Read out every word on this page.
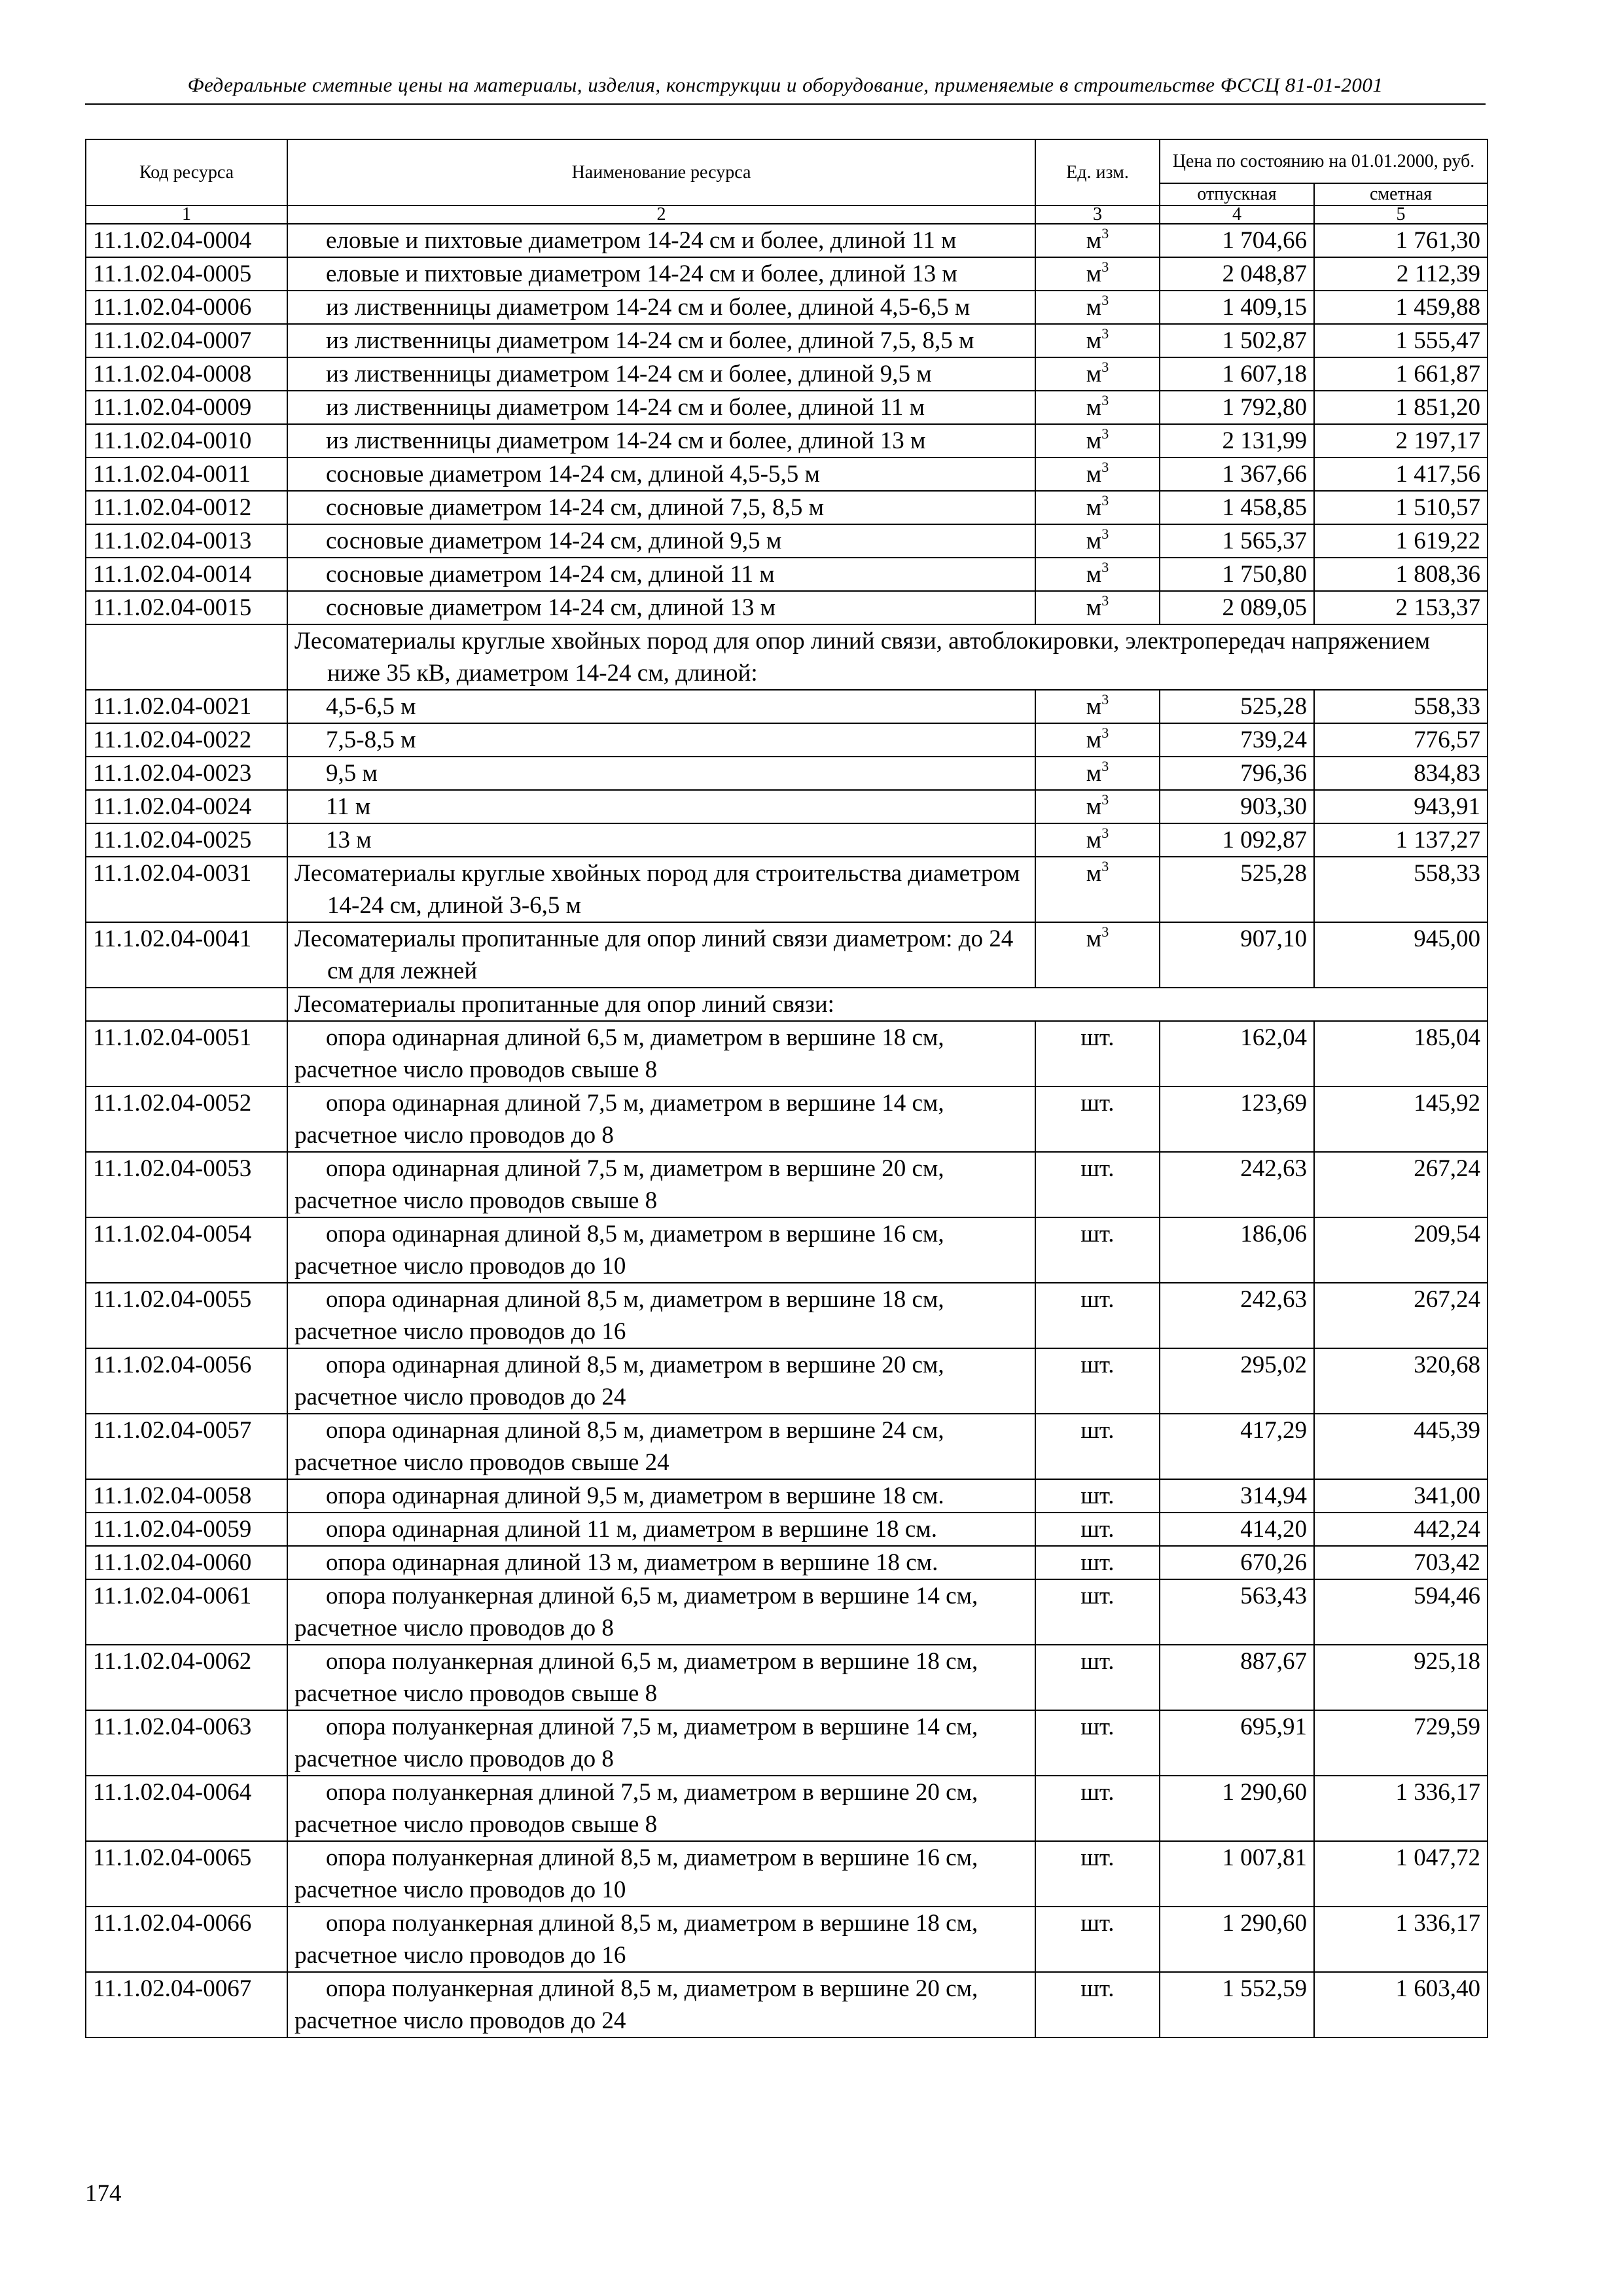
Федеральные сметные цены на материалы, изделия, конструкции и оборудование, применяемые в строительстве ФССЦ 81-01-2001
Код ресурса	Наименование ресурса	Ед. изм.	Цена по состоянию на 01.01.2000, руб.	
			отпускная	сметная
1	2	3	4	5
11.1.02.04-0004	еловые и пихтовые диаметром 14-24 см и более, длиной 11 м	$м^3$	1 704,66	1 761,30
11.1.02.04-0005	еловые и пихтовые диаметром 14-24 см и более, длиной 13 м	$м^3$	2 048,87	2 112,39
11.1.02.04-0006	из лиственницы диаметром 14-24 см и более, длиной 4,5-6,5 м	$м^3$	1 409,15	1 459,88
11.1.02.04-0007	из лиственницы диаметром 14-24 см и более, длиной 7,5, 8,5 м	$м^3$	1 502,87	1 555,47
11.1.02.04-0008	из лиственницы диаметром 14-24 см и более, длиной 9,5 м	$м^3$	1 607,18	1 661,87
11.1.02.04-0009	из лиственницы диаметром 14-24 см и более, длиной 11 м	$м^3$	1 792,80	1 851,20
11.1.02.04-0010	из лиственницы диаметром 14-24 см и более, длиной 13 м	$м^3$	2 131,99	2 197,17
11.1.02.04-0011	сосновые диаметром 14-24 см, длиной 4,5-5,5 м	$м^3$	1 367,66	1 417,56
11.1.02.04-0012	сосновые диаметром 14-24 см, длиной 7,5, 8,5 м	$м^3$	1 458,85	1 510,57
11.1.02.04-0013	сосновые диаметром 14-24 см, длиной 9,5 м	$м^3$	1 565,37	1 619,22
11.1.02.04-0014	сосновые диаметром 14-24 см, длиной 11 м	$м^3$	1 750,80	1 808,36
11.1.02.04-0015	сосновые диаметром 14-24 см, длиной 13 м	$м^3$	2 089,05	2 153,37

	Лесоматериалы круглые хвойных пород для опор линий связи, автоблокировки, электропередач напряжением ниже 35 кВ, диаметром 14-24 см, длиной:			

11.1.02.04-0021	4,5-6,5 м	$м^3$	525,28	558,33
11.1.02.04-0022	7,5-8,5 м	$м^3$	739,24	776,57
11.1.02.04-0023	9,5 м	$м^3$	796,36	834,83
11.1.02.04-0024	11 м	$м^3$	903,30	943,91
11.1.02.04-0025	13 м	$м^3$	1 092,87	1 137,27
11.1.02.04-0031	Лесоматериалы круглые хвойных пород для строительства диаметром 14-24 см, длиной 3-6,5 м	$м^3$	525,28	558,33
11.1.02.04-0041	Лесоматериалы пропитанные для опор линий связи диаметром: до 24 см для лежней	$м^3$	907,10	945,00

	Лесоматериалы пропитанные для опор линий связи:			

11.1.02.04-0051	опора одинарная длиной 6,5 м, диаметром в вершине 18 см, расчетное число проводов свыше 8	шт.	162,04	185,04
11.1.02.04-0052	опора одинарная длиной 7,5 м, диаметром в вершине 14 см, расчетное число проводов до 8	шт.	123,69	145,92
11.1.02.04-0053	опора одинарная длиной 7,5 м, диаметром в вершине 20 см, расчетное число проводов свыше 8	шт.	242,63	267,24
11.1.02.04-0054	опора одинарная длиной 8,5 м, диаметром в вершине 16 см, расчетное число проводов до 10	шт.	186,06	209,54
11.1.02.04-0055	опора одинарная длиной 8,5 м, диаметром в вершине 18 см, расчетное число проводов до 16	шт.	242,63	267,24
11.1.02.04-0056	опора одинарная длиной 8,5 м, диаметром в вершине 20 см, расчетное число проводов до 24	шт.	295,02	320,68
11.1.02.04-0057	опора одинарная длиной 8,5 м, диаметром в вершине 24 см, расчетное число проводов свыше 24	шт.	417,29	445,39
11.1.02.04-0058	опора одинарная длиной 9,5 м, диаметром в вершине 18 см.	шт.	314,94	341,00
11.1.02.04-0059	опора одинарная длиной 11 м, диаметром в вершине 18 см.	шт.	414,20	442,24
11.1.02.04-0060	опора одинарная длиной 13 м, диаметром в вершине 18 см.	шт.	670,26	703,42
11.1.02.04-0061	опора полуанкерная длиной 6,5 м, диаметром в вершине 14 см, расчетное число проводов до 8	шт.	563,43	594,46
11.1.02.04-0062	опора полуанкерная длиной 6,5 м, диаметром в вершине 18 см, расчетное число проводов свыше 8	шт.	887,67	925,18
11.1.02.04-0063	опора полуанкерная длиной 7,5 м, диаметром в вершине 14 см, расчетное число проводов до 8	шт.	695,91	729,59
11.1.02.04-0064	опора полуанкерная длиной 7,5 м, диаметром в вершине 20 см, расчетное число проводов свыше 8	шт.	1 290,60	1 336,17
11.1.02.04-0065	опора полуанкерная длиной 8,5 м, диаметром в вершине 16 см, расчетное число проводов до 10	шт.	1 007,81	1 047,72
11.1.02.04-0066	опора полуанкерная длиной 8,5 м, диаметром в вершине 18 см, расчетное число проводов до 16	шт.	1 290,60	1 336,17
11.1.02.04-0067	опора полуанкерная длиной 8,5 м, диаметром в вершине 20 см, расчетное число проводов до 24	шт.	1 552,59	1 603,40
174
